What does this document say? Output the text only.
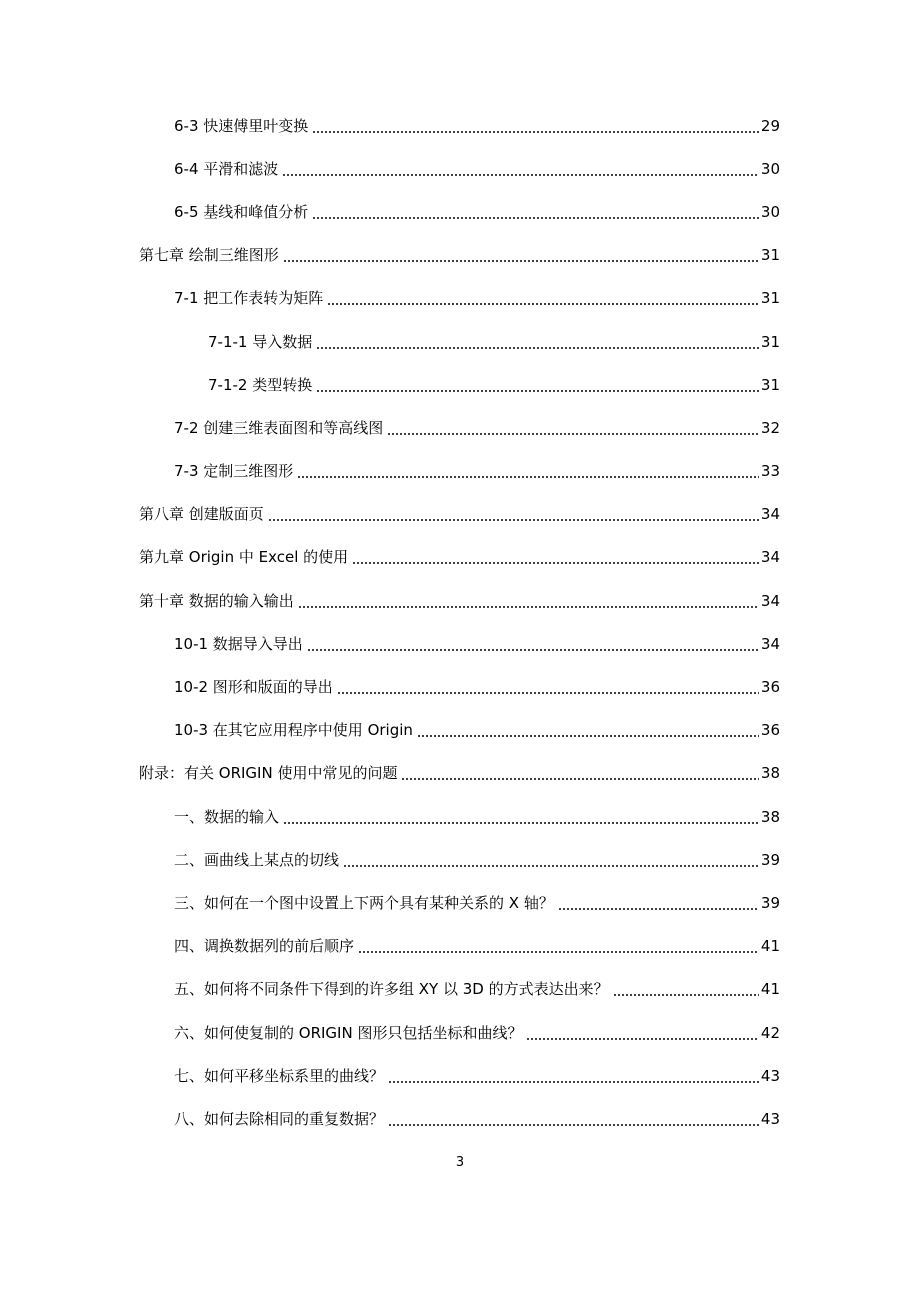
6-3 快速傅里叶变换	29
6-4 平滑和滤波	30
6-5 基线和峰值分析	30
第七章 绘制三维图形	31
7-1 把工作表转为矩阵	31
7-1-1 导入数据	31
7-1-2 类型转换	31
7-2 创建三维表面图和等高线图	32
7-3 定制三维图形	33
第八章 创建版面页	34
第九章 Origin 中 Excel 的使用	34
第十章 数据的输入输出	34
10-1 数据导入导出	34
10-2 图形和版面的导出	36
10-3 在其它应用程序中使用 Origin	36
附录：有关 ORIGIN 使用中常见的问题	38
一、数据的输入	38
二、画曲线上某点的切线	39
三、如何在一个图中设置上下两个具有某种关系的 X 轴？	39
四、调换数据列的前后顺序	41
五、如何将不同条件下得到的许多组 XY 以 3D 的方式表达出来？	41
六、如何使复制的 ORIGIN 图形只包括坐标和曲线？	42
七、如何平移坐标系里的曲线？	43
八、如何去除相同的重复数据？	43
3
